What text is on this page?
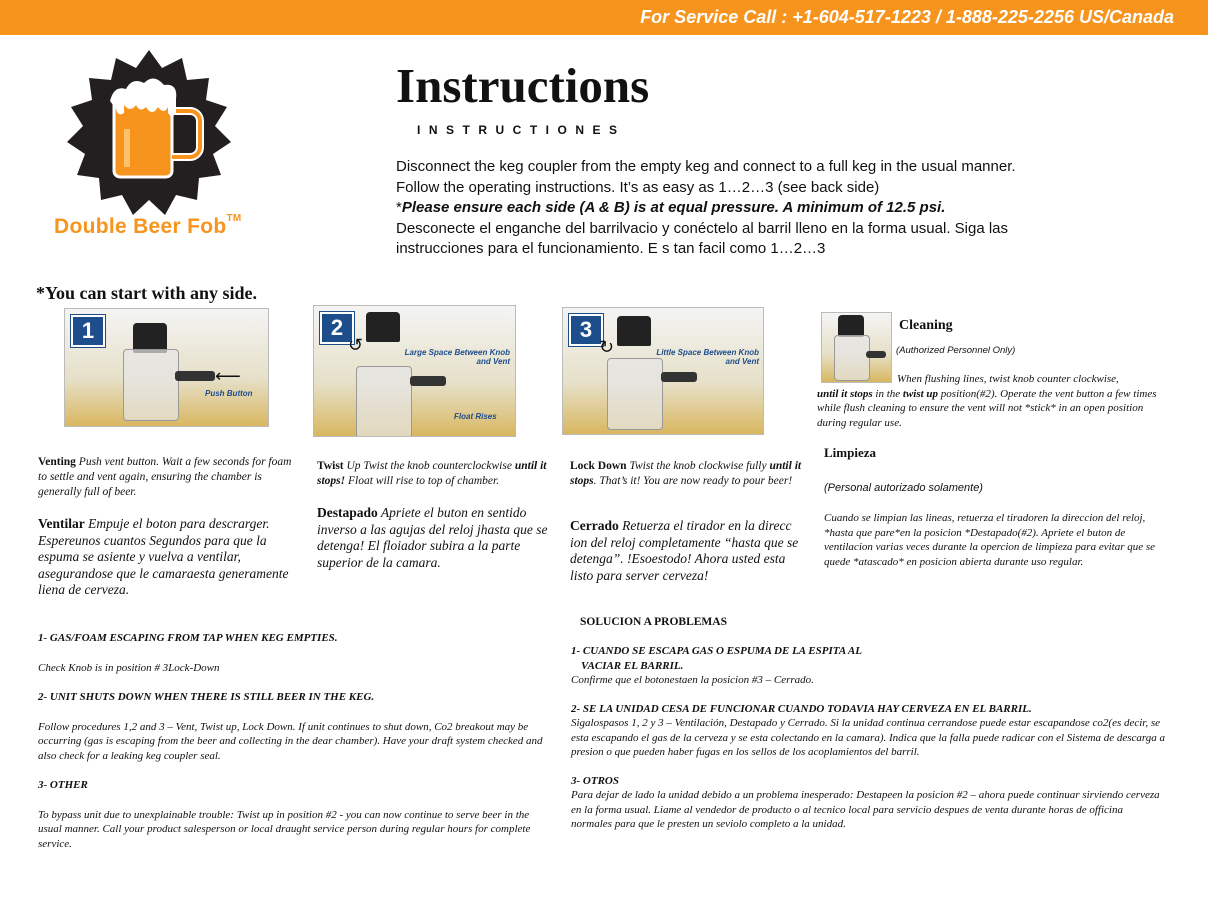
For Service Call : +1-604-517-1223 / 1-888-225-2256 US/Canada
Double Beer Fob™
Instructions
INSTRUCTIONES
Disconnect the keg coupler from the empty keg and connect to a full keg in the usual manner.
Follow the operating instructions. It’s as easy as 1…2…3 (see back side)
*Please ensure each side (A & B) is at equal pressure. A minimum of 12.5 psi.
Desconecte el enganche del barrilvacio y conéctelo al barril lleno en la forma usual. Siga las
instrucciones para el funcionamiento. E s tan facil como 1…2…3
*You can start with any side.
1
⟵
Push Button
2
↺	Large Space Between Knob and Vent
Float Rises
3
↻	Little Space Between Knob and Vent
Venting Push vent button. Wait a few seconds for foam to settle and vent again, ensuring the chamber is generally full of beer.
Ventilar Empuje el boton para descrarger. Espereunos cuantos Segundos para que la espuma se asiente y vuelva a ventilar, asegurandose que le camaraesta generamente liena de cerveza.
Twist Up Twist the knob counterclockwise until it stops! Float will rise to top of chamber.
Destapado Apriete el buton en sentido inverso a las agujas del reloj jhasta que se detenga! El floiador subira a la parte superior de la camara.
Lock Down Twist the knob clockwise fully until it stops. That’s it! You are now ready to pour beer!
Cerrado Retuerza el tirador en la direcc ion del reloj completamente “hasta que se detenga”. !Esoestodo! Ahora usted esta listo para server cerveza!
Cleaning
(Authorized Personnel Only)
When flushing lines, twist knob counter clockwise,
until it stops in the twist up position(#2). Operate the vent button a few times while flush cleaning to ensure the vent will not *stick* in an open position during regular use.
Limpieza
(Personal autorizado solamente)
Cuando se limpian las lineas, retuerza el tiradoren la direccion del reloj, *hasta que pare*en la posicion *Destapado(#2). Apriete el buton de ventilacion varias veces durante la opercion de limpieza para evitar que se quede *atascado* en posicion abierta durante uso regular.
1- GAS/FOAM ESCAPING FROM TAP WHEN KEG EMPTIES.
Check Knob is in position # 3Lock-Down
2- UNIT SHUTS DOWN WHEN THERE IS STILL BEER IN THE KEG.
Follow procedures 1,2 and 3 – Vent, Twist up, Lock Down. If unit continues to shut down, Co2 breakout may be occurring (gas is escaping from the beer and collecting in the dear chamber). Have your draft system checked and also check for a leaking keg coupler seal.
3- OTHER
To bypass unit due to unexplainable trouble: Twist up in position #2 - you can now continue to serve beer in the usual manner. Call your product salesperson or local draught service person during regular hours for complete service.
SOLUCION A PROBLEMAS
1- CUANDO SE ESCAPA GAS O ESPUMA DE LA ESPITA AL
VACIAR EL BARRIL.
Confirme que el botonestaen la posicion #3 – Cerrado.
2- SE LA UNIDAD CESA DE FUNCIONAR CUANDO TODAVIA HAY CERVEZA EN EL BARRIL.
Sigalospasos 1, 2 y 3 – Ventilación, Destapado y Cerrado. Si la unidad continua cerrandose puede estar escapandose co2(es decir, se esta escapando el gas de la cerveza y se esta colectando en la camara). Indica que la falla puede radicar con el Sistema de descarga a presion o que pueden haber fugas en los sellos de los acoplamientos del barril.
3- OTROS
Para dejar de lado la unidad debido a un problema inesperado: Destapeen la posicion #2 – ahora puede continuar sirviendo cerveza en la forma usual. Liame al vendedor de producto o al tecnico local para servicio despues de venta durante horas de officina normales para que le presten un seviolo completo a la unidad.
